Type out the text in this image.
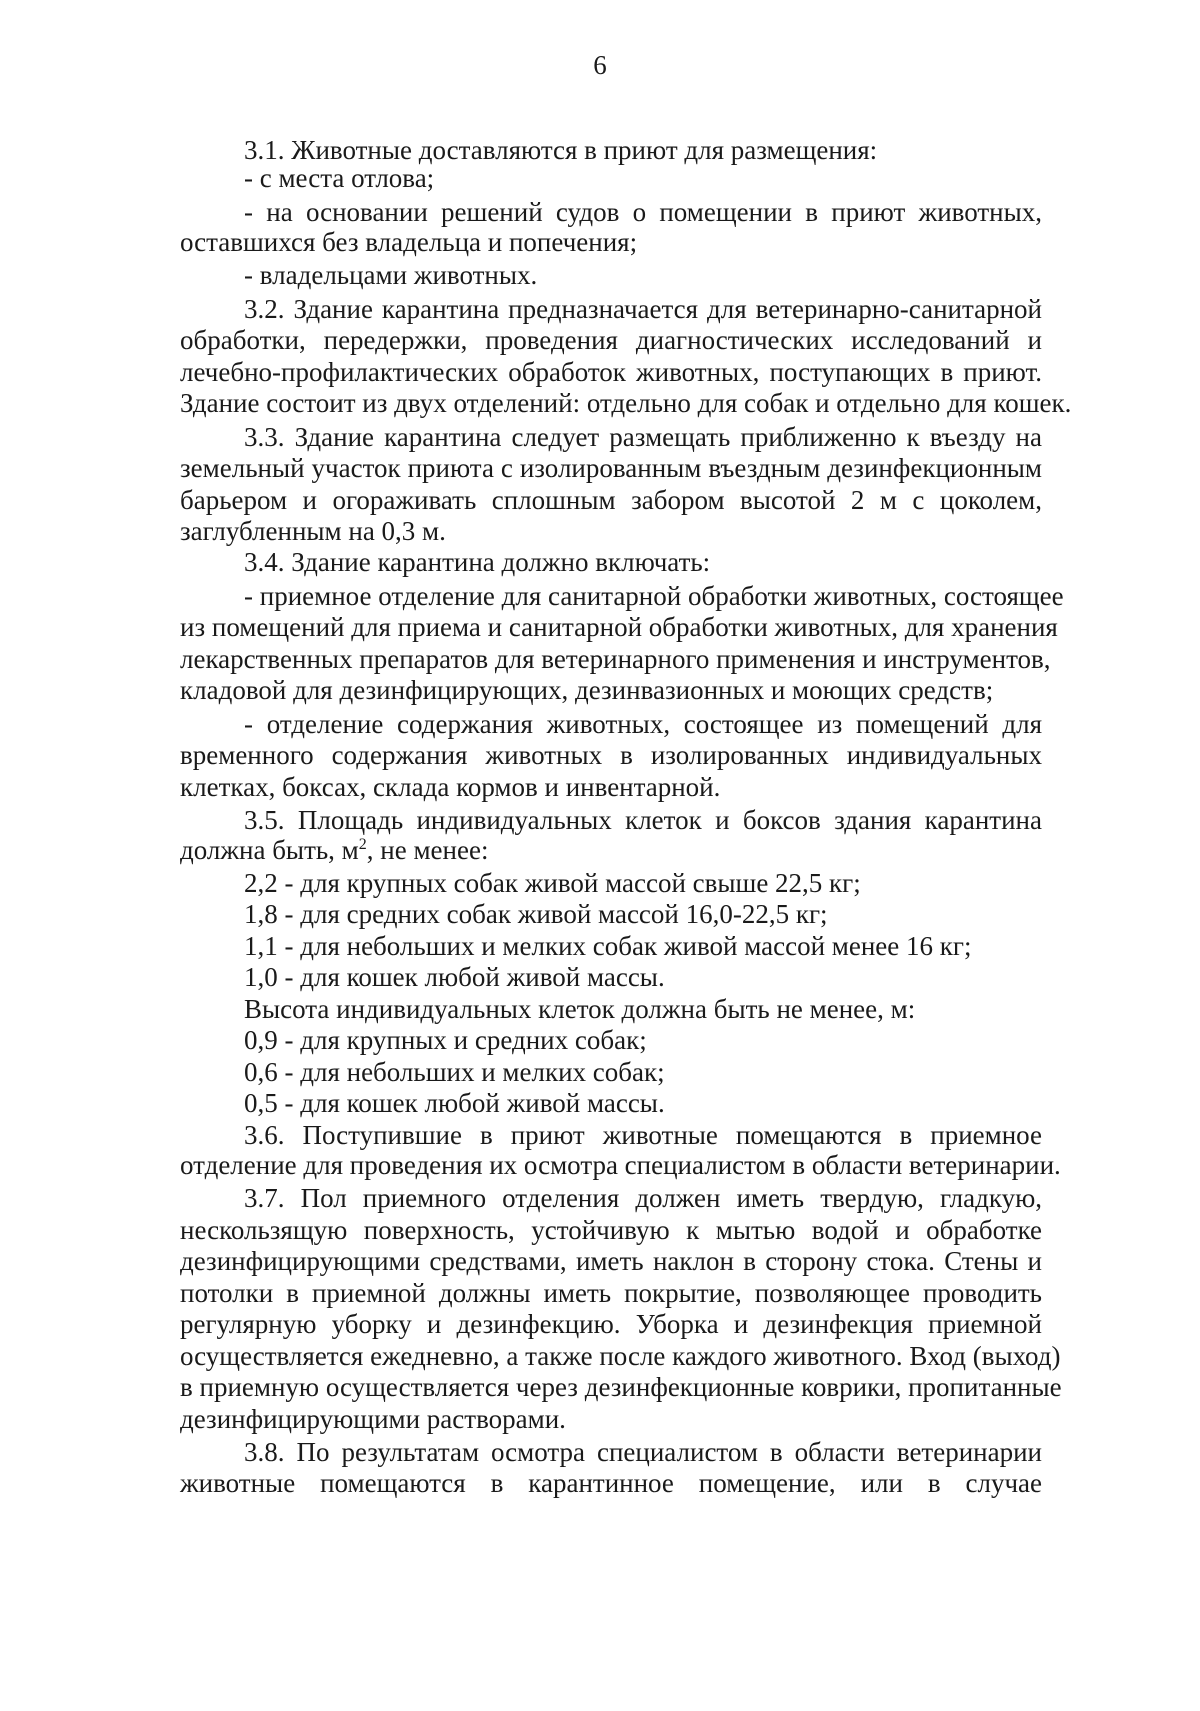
6
3.1. Животные доставляются в приют для размещения:
- с места отлова;
- на основании решений судов о помещении в приют животных,
оставшихся без владельца и попечения;
- владельцами животных.
3.2. Здание карантина предназначается для ветеринарно-санитарной
обработки, передержки, проведения диагностических исследований и
лечебно-профилактических обработок животных, поступающих в приют.
Здание состоит из двух отделений: отдельно для собак и отдельно для кошек.
3.3. Здание карантина следует размещать приближенно к въезду на
земельный участок приюта с изолированным въездным дезинфекционным
барьером и огораживать сплошным забором высотой 2 м с цоколем,
заглубленным на 0,3 м.
3.4. Здание карантина должно включать:
- приемное отделение для санитарной обработки животных, состоящее
из помещений для приема и санитарной обработки животных, для хранения
лекарственных препаратов для ветеринарного применения и инструментов,
кладовой для дезинфицирующих, дезинвазионных и моющих средств;
- отделение содержания животных, состоящее из помещений для
временного содержания животных в изолированных индивидуальных
клетках, боксах, склада кормов и инвентарной.
3.5. Площадь индивидуальных клеток и боксов здания карантина
должна быть, $м^2$, не менее:
2,2 - для крупных собак живой массой свыше 22,5 кг;
1,8 - для средних собак живой массой 16,0-22,5 кг;
1,1 - для небольших и мелких собак живой массой менее 16 кг;
1,0 - для кошек любой живой массы.
Высота индивидуальных клеток должна быть не менее, м:
0,9 - для крупных и средних собак;
0,6 - для небольших и мелких собак;
0,5 - для кошек любой живой массы.
3.6. Поступившие в приют животные помещаются в приемное
отделение для проведения их осмотра специалистом в области ветеринарии.
3.7. Пол приемного отделения должен иметь твердую, гладкую,
нескользящую поверхность, устойчивую к мытью водой и обработке
дезинфицирующими средствами, иметь наклон в сторону стока. Стены и
потолки в приемной должны иметь покрытие, позволяющее проводить
регулярную уборку и дезинфекцию. Уборка и дезинфекция приемной
осуществляется ежедневно, а также после каждого животного. Вход (выход)
в приемную осуществляется через дезинфекционные коврики, пропитанные
дезинфицирующими растворами.
3.8. По результатам осмотра специалистом в области ветеринарии
животные помещаются в карантинное помещение, или в случае
